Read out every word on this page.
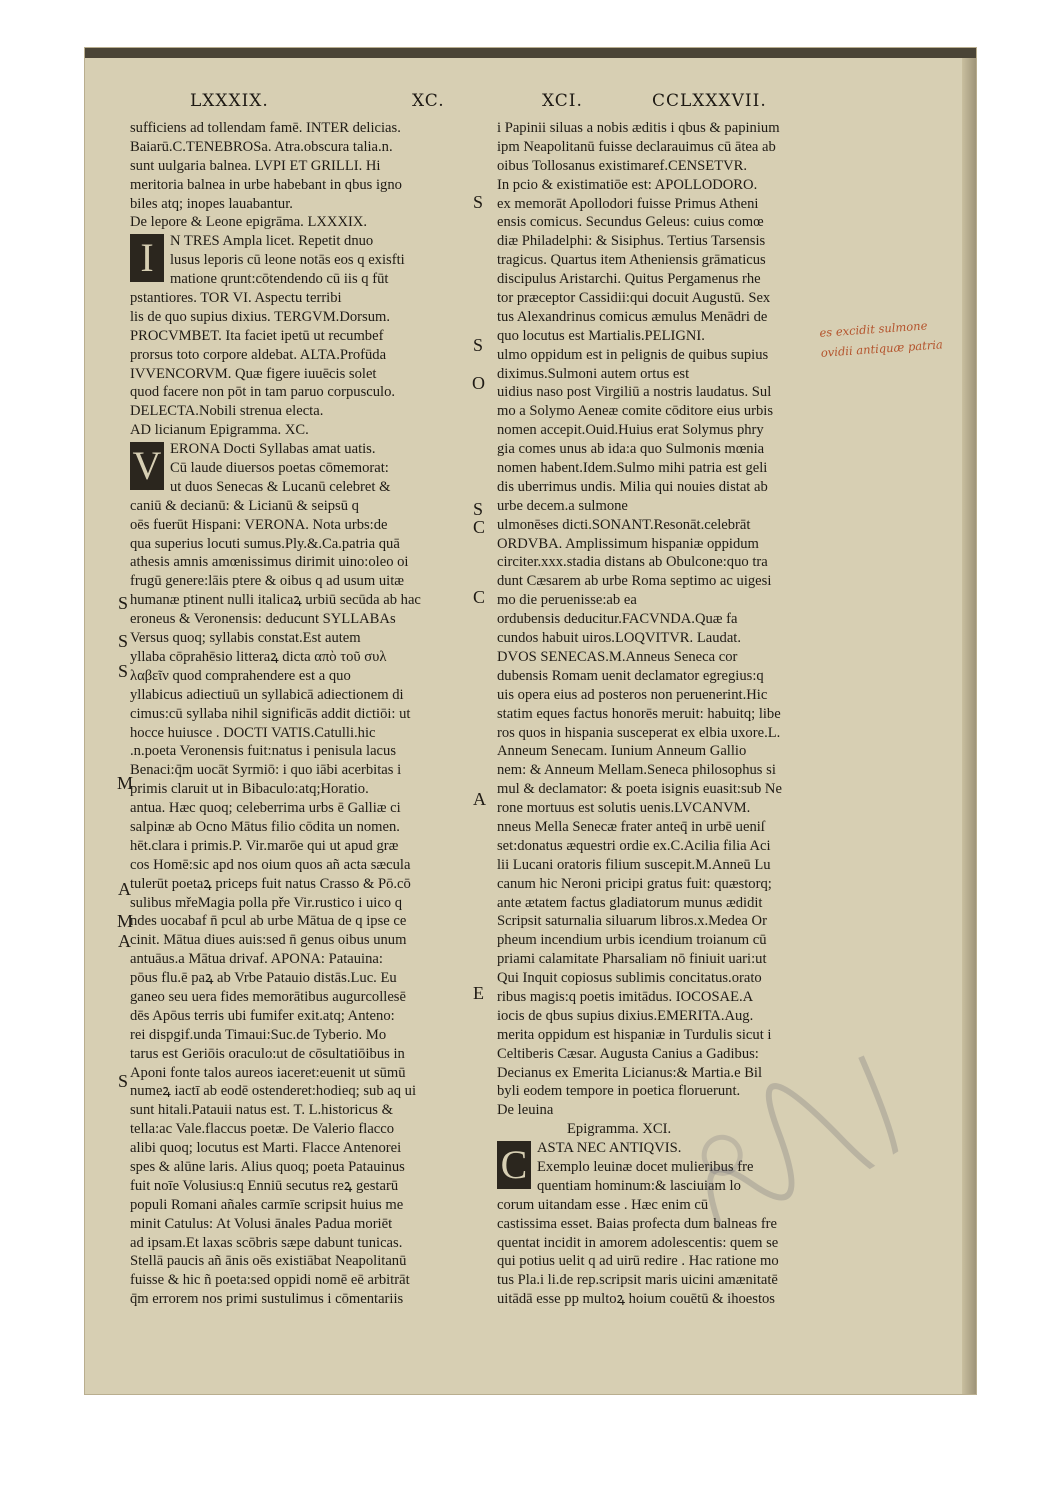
LXXXIX.	XC.	XCI.	CCLXXXVII.
S
S
S
M
A
M
A
S
sufficiens ad tollendam famē. INTER delicias.
Baiarū.C.TENEBROSa. Atra.obscura talia.n.
sunt uulgaria balnea. LVPI ET GRILLI. Hi
meritoria balnea in urbe habebant in qbus igno
biles atq; inopes lauabantur.
De lepore & Leone epigrāma. LXXXIX.
I	N TRES Ampla licet. Repetit dnuo
lusus leporis cū leone notās eos q exisfti
matione qrunt:cōtendendo cū iis q fūt
pstantiores. TOR VI. Aspectu terribi
lis de quo supius dixius. TERGVM.Dorsum.
PROCVMBET. Ita faciet ipetū ut recumbef
prorsus toto corpore aldebat. ALTA.Profūda
IVVENCORVM. Quæ figere iuuēcis solet
quod facere non pōt in tam paruo corpusculo.
DELECTA.Nobili strenua electa.
AD licianum Epigramma. XC.
V ERONA Docti Syllabas amat uatis.
Cū laude diuersos poetas cōmemorat:
ut duos Senecas & Lucanū celebret &
caniū & decianū: & Licianū & seipsū q
oēs fuerūt Hispani: VERONA. Nota urbs:de
qua superius locuti sumus.Ply.&.Ca.patria quā
athesis amnis amœnissimus dirimit uino:oleo oi
frugū genere:lāis ptere & oibus q ad usum uitæ
humanæ ptinent nulli italicaꝝ urbiū secūda ab hac
eroneus & Veronensis: deducunt SYLLABAs
Versus quoq; syllabis constat.Est autem
yllaba cōprahēsio litteraꝝ dicta απὸ τοῦ συλ
λαβεῖν quod comprahendere est a quo
yllabicus adiectiuū un syllabicā adiectionem di
cimus:cū syllaba nihil significās addit dictiōi: ut
hocce huiusce . DOCTI VATIS.Catulli.hic
.n.poeta Veronensis fuit:natus i penisula lacus
Benaci:q̄m uocāt Syrmiō: i quo iābi acerbitas i
primis claruit ut in Bibaculo:atq;Horatio.
antua. Hæc quoq; celeberrima urbs ē Galliæ ci
salpinæ ab Ocno Mātus filio cōdita un nomen.
hēt.clara i primis.P. Vir.marōe qui ut apud græ
cos Homē:sic apd nos oium quos añ acta sæcula
tulerūt poetaꝝ priceps fuit natus Crasso & Pō.cō
sulibus mřeMagia polla pře Vir.rustico i uico q
ndes uocabaf n̄ pcul ab urbe Mātua de q ipse ce
cinit. Mātua diues auis:sed n̄ genus oibus unum
antuāus.a Mātua drivaf. APONA: Patauina:
pōus flu.ē paꝝ ab Vrbe Patauio distās.Luc. Eu
ganeo seu uera fides memorātibus augurcollesē
dēs Apōus terris ubi fumifer exit.atq; Anteno:
rei dispgif.unda Timaui:Suc.de Tyberio. Mo
tarus est Geriōis oraculo:ut de cōsultatiōibus in
Aponi fonte talos aureos iaceret:euenit ut sūmū
numeꝝ iactī ab eodē ostenderet:hodieq; sub aq ui
sunt hitali.Patauii natus est. T. L.historicus &
tella:ac Vale.flaccus poetæ. De Valerio flacco
alibi quoq; locutus est Marti. Flacce Antenorei
spes & alūne laris. Alius quoq; poeta Patauinus
fuit noīe Volusius:q Enniū secutus reꝝ gestarū
populi Romani añales carmīe scripsit huius me
minit Catulus: At Volusi ānales Padua moriēt
ad ipsam.Et laxas scōbris sæpe dabunt tunicas.
Stellā paucis añ ānis oēs existiābat Neapolitanū
fuisse & hic ñ poeta:sed oppidi nomē eē arbitrāt
q̄m errorem nos primi sustulimus i cōmentariis
S
S
O
S
C
C
A
E
i Papinii siluas a nobis æditis i qbus & papinium
ipm Neapolitanū fuisse declarauimus cū ātea ab
oibus Tollosanus existimaref.CENSETVR.
In pcio & existimatiōe est: APOLLODORO.
ex memorāt Apollodori fuisse Primus Atheni
ensis comicus. Secundus Geleus: cuius comœ
diæ Philadelphi: & Sisiphus. Tertius Tarsensis
tragicus. Quartus item Atheniensis grāmaticus
discipulus Aristarchi. Quitus Pergamenus rhe
tor præceptor Cassidii:qui docuit Augustū. Sex
tus Alexandrinus comicus æmulus Menādri de
quo locutus est Martialis.PELIGNI.
ulmo oppidum est in pelignis de quibus supius
diximus.Sulmoni autem ortus est
uidius naso post Virgiliū a nostris laudatus. Sul
mo a Solymo Aeneæ comite cōditore eius urbis
nomen accepit.Ouid.Huius erat Solymus phry
gia comes unus ab ida:a quo Sulmonis mœnia
nomen habent.Idem.Sulmo mihi patria est geli
dis uberrimus undis. Milia qui nouies distat ab
urbe decem.a sulmone
ulmonēses dicti.SONANT.Resonāt.celebrāt
ORDVBA. Amplissimum hispaniæ oppidum
circiter.xxx.stadia distans ab Obulcone:quo tra
dunt Cæsarem ab urbe Roma septimo ac uigesi
mo die peruenisse:ab ea
ordubensis deducitur.FACVNDA.Quæ fa
cundos habuit uiros.LOQVITVR. Laudat.
DVOS SENECAS.M.Anneus Seneca cor
dubensis Romam uenit declamator egregius:q
uis opera eius ad posteros non peruenerint.Hic
statim eques factus honorēs meruit: habuitq; libe
ros quos in hispania susceperat ex elbia uxore.L.
Anneum Senecam. Iunium Anneum Gallio
nem: & Anneum Mellam.Seneca philosophus si
mul & declamator: & poeta isignis euasit:sub Ne
rone mortuus est solutis uenis.LVCANVM.
nneus Mella Senecæ frater anteq̄ in urbē ueniſ
set:donatus æquestri ordie ex.C.Acilia filia Aci
lii Lucani oratoris filium suscepit.M.Anneū Lu
canum hic Neroni pricipi gratus fuit: quæstorq;
ante ætatem factus gladiatorum munus ædidit
Scripsit saturnalia siluarum libros.x.Medea Or
pheum incendium urbis icendium troianum cū
priami calamitate Pharsaliam nō finiuit uari:ut
Qui Inquit copiosus sublimis concitatus.orato
ribus magis:q poetis imitādus. IOCOSAE.A
iocis de qbus supius dixius.EMERITA.Aug.
merita oppidum est hispaniæ in Turdulis sicut i
Celtiberis Cæsar. Augusta Canius a Gadibus:
Decianus ex Emerita Licianus:& Martia.e Bil
byli eodem tempore in poetica floruerunt.
De leuina
Epigramma. XCI.
C ASTA NEC ANTIQVIS.
Exemplo leuinæ docet mulieribus fre
quentiam hominum:& lasciuiam lo
corum uitandam esse . Hæc enim cū
castissima esset. Baias profecta dum balneas fre
quentat incidit in amorem adolescentis: quem se
qui potius uelit q ad uirū redire . Hac ratione mo
tus Pla.i li.de rep.scripsit maris uicini amænitatē
uitādā esse pp multoꝝ hoium couētū & ihoestos
es excidit sulmone
ovidii antiquæ patria
